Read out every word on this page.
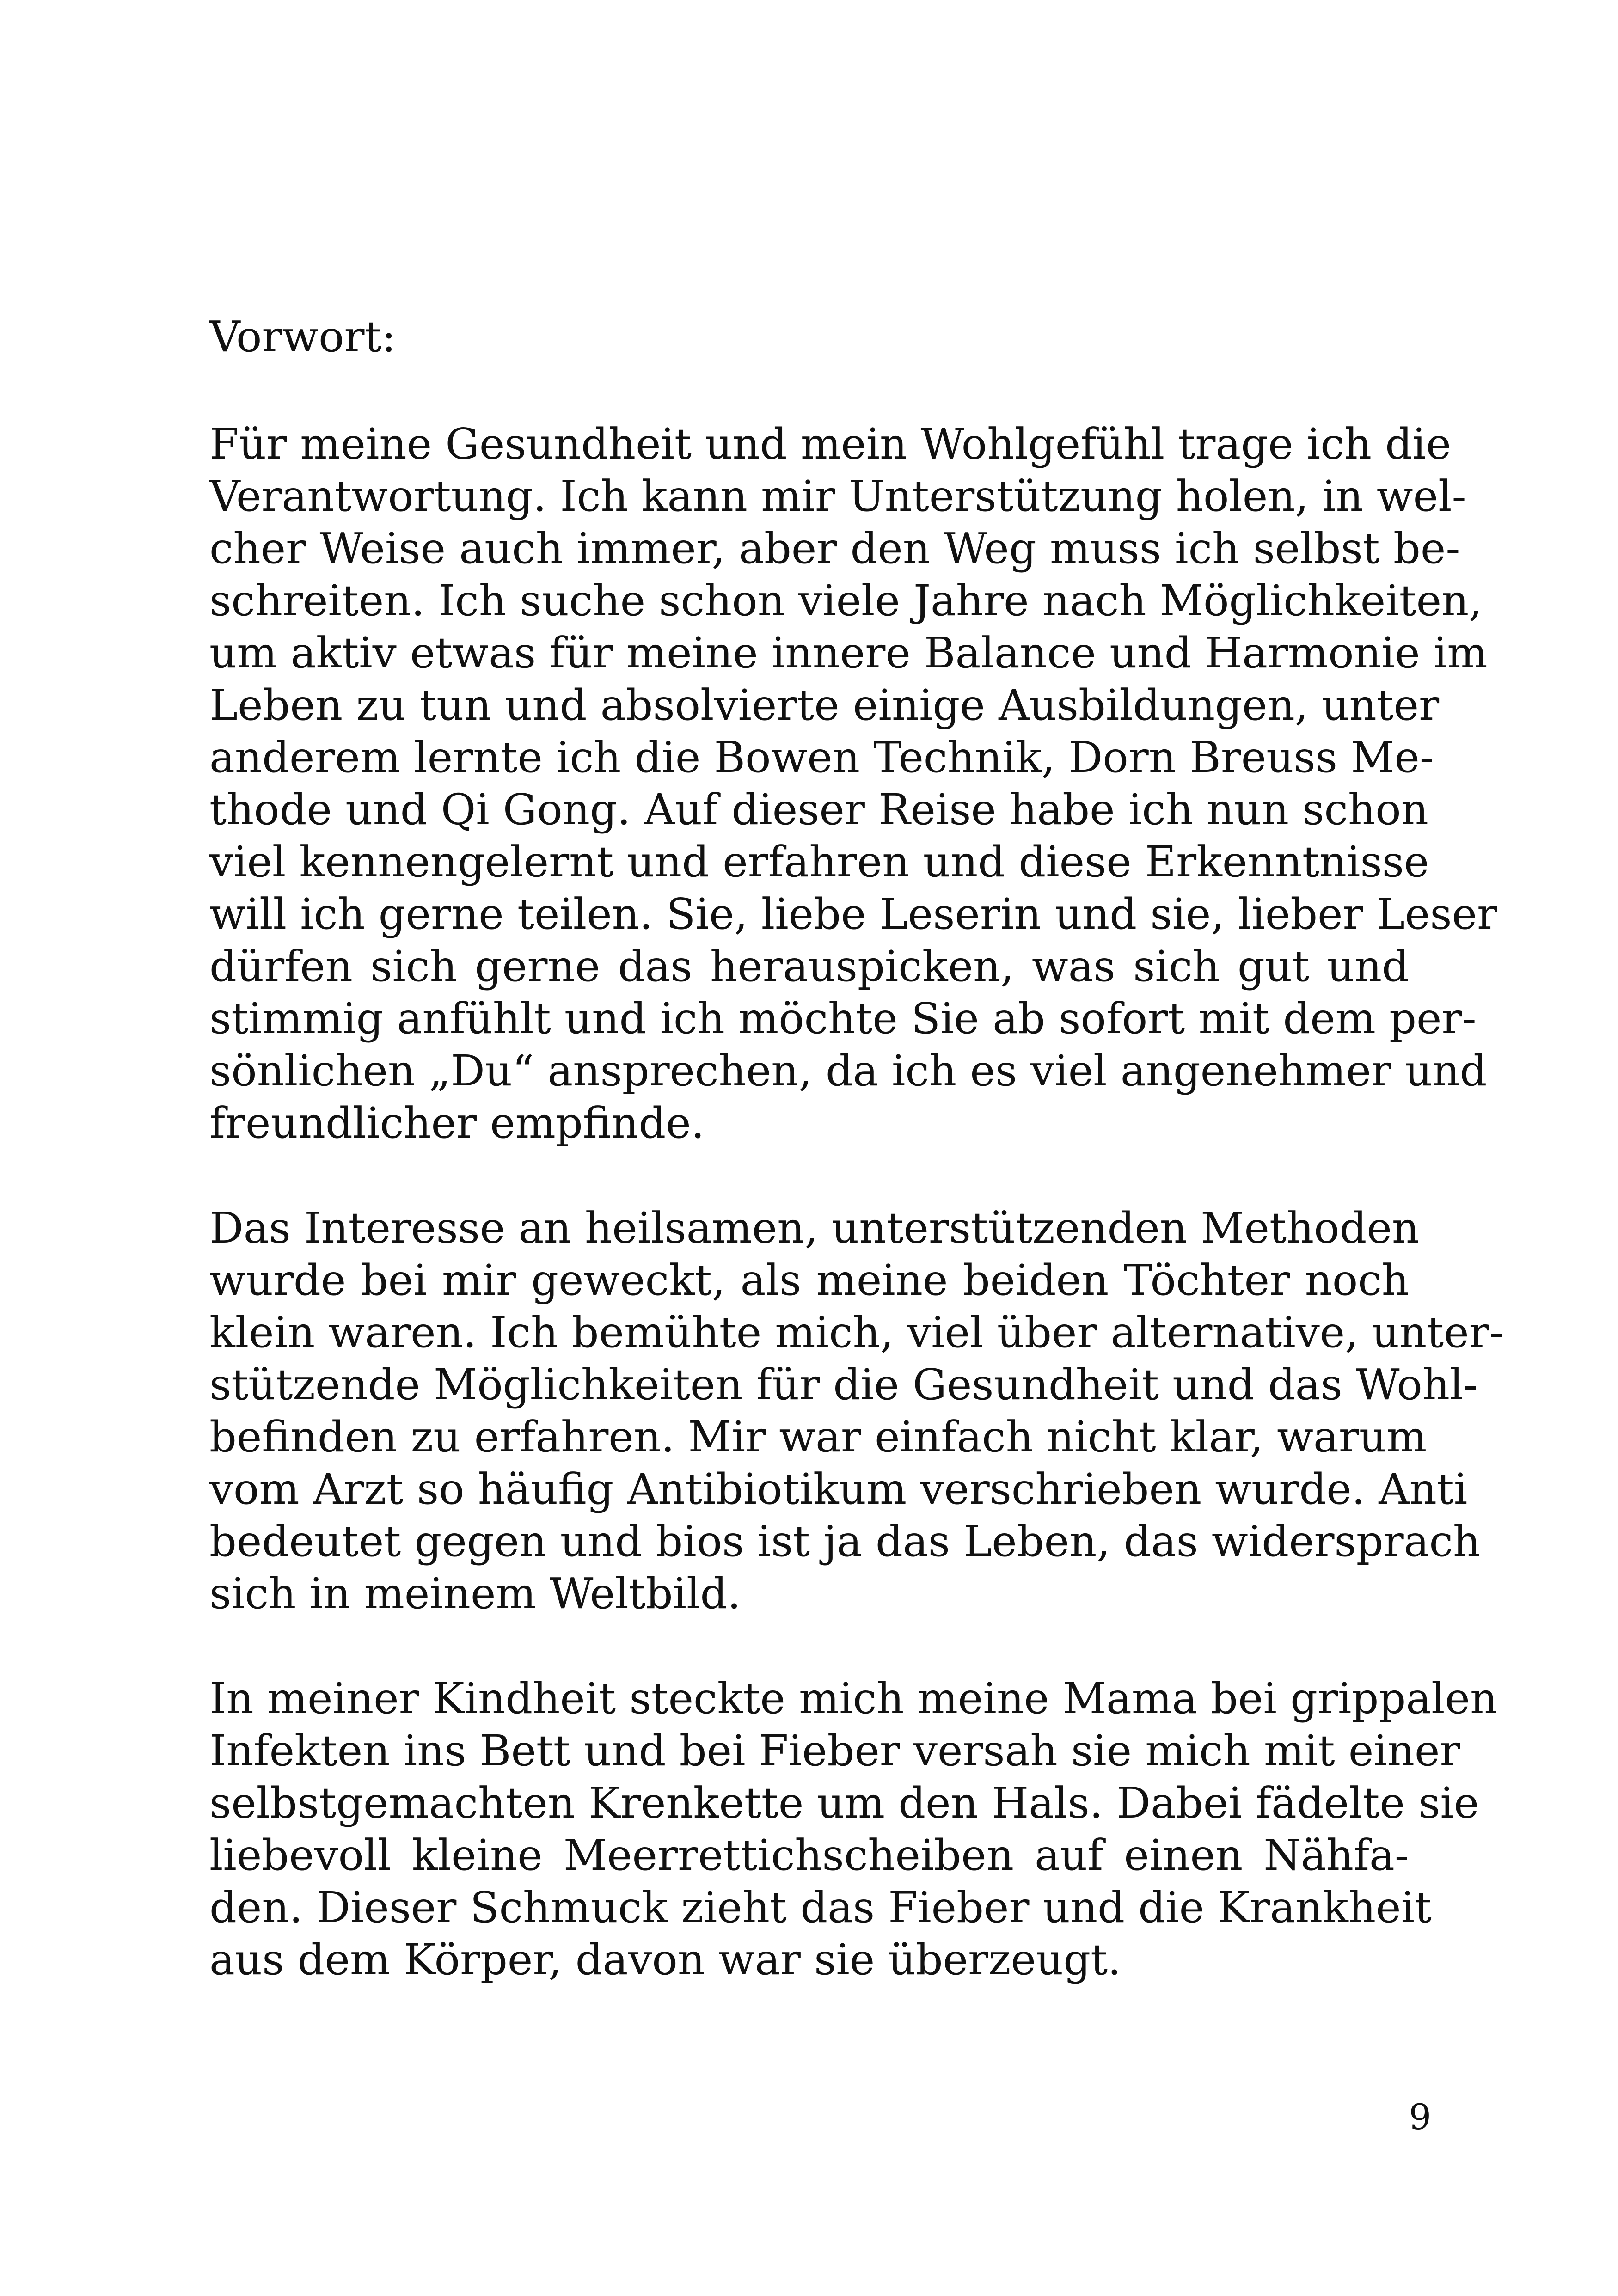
Vorwort:
Für meine Gesundheit und mein Wohlgefühl trage ich die
Verantwortung. Ich kann mir Unterstützung holen, in wel-
cher Weise auch immer, aber den Weg muss ich selbst be-
schreiten. Ich suche schon viele Jahre nach Möglichkeiten,
um aktiv etwas für meine innere Balance und Harmonie im
Leben zu tun und absolvierte einige Ausbildungen, unter
anderem lernte ich die Bowen Technik, Dorn Breuss Me-
thode und Qi Gong. Auf dieser Reise habe ich nun schon
viel kennengelernt und erfahren und diese Erkenntnisse
will ich gerne teilen. Sie, liebe Leserin und sie, lieber Leser
dürfen sich gerne das herauspicken, was sich gut und
stimmig anfühlt und ich möchte Sie ab sofort mit dem per-
sönlichen „Du“ ansprechen, da ich es viel angenehmer und
freundlicher empfinde.
Das Interesse an heilsamen, unterstützenden Methoden
wurde bei mir geweckt, als meine beiden Töchter noch
klein waren. Ich bemühte mich, viel über alternative, unter-
stützende Möglichkeiten für die Gesundheit und das Wohl-
befinden zu erfahren. Mir war einfach nicht klar, warum
vom Arzt so häufig Antibiotikum verschrieben wurde. Anti
bedeutet gegen und bios ist ja das Leben, das widersprach
sich in meinem Weltbild.
In meiner Kindheit steckte mich meine Mama bei grippalen
Infekten ins Bett und bei Fieber versah sie mich mit einer
selbstgemachten Krenkette um den Hals. Dabei fädelte sie
liebevoll kleine Meerrettichscheiben auf einen Nähfa-
den. Dieser Schmuck zieht das Fieber und die Krankheit
aus dem Körper, davon war sie überzeugt.
9
